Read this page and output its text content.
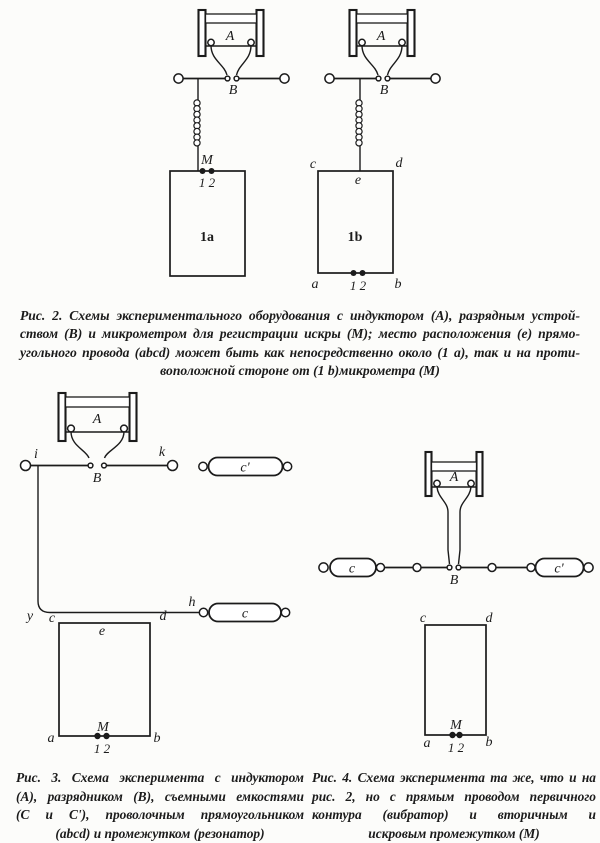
A
B
M
1 2
1a
A
B
c	d
e
a	b
1 2
1b
Рис. 2. Схемы экспериментального оборудования с индуктором (A), разрядным устрой-
ством (B) и микрометром для регистрации искры (M); место расположения (e) прямо-
угольного провода (abcd) может быть как непосредственно около (1 a), так и на проти-
воположной стороне от (1 b)микрометра (M)
A
B
i	k
c'
y
h
c
c	d
e
M
1 2
a	b
A
c	c'
B
c	d
M
1 2
a	b
Рис. 3. Схема эксперимента с индуктором
(A), разрядником (B), съемными емкостями
(C и C'), проволочным прямоугольником
(abcd) и промежутком (резонатор)
Рис. 4. Схема эксперимента та же, что и на
рис. 2, но с прямым проводом первичного
контура (вибратор) и вторичным и
искровым промежутком (M)
